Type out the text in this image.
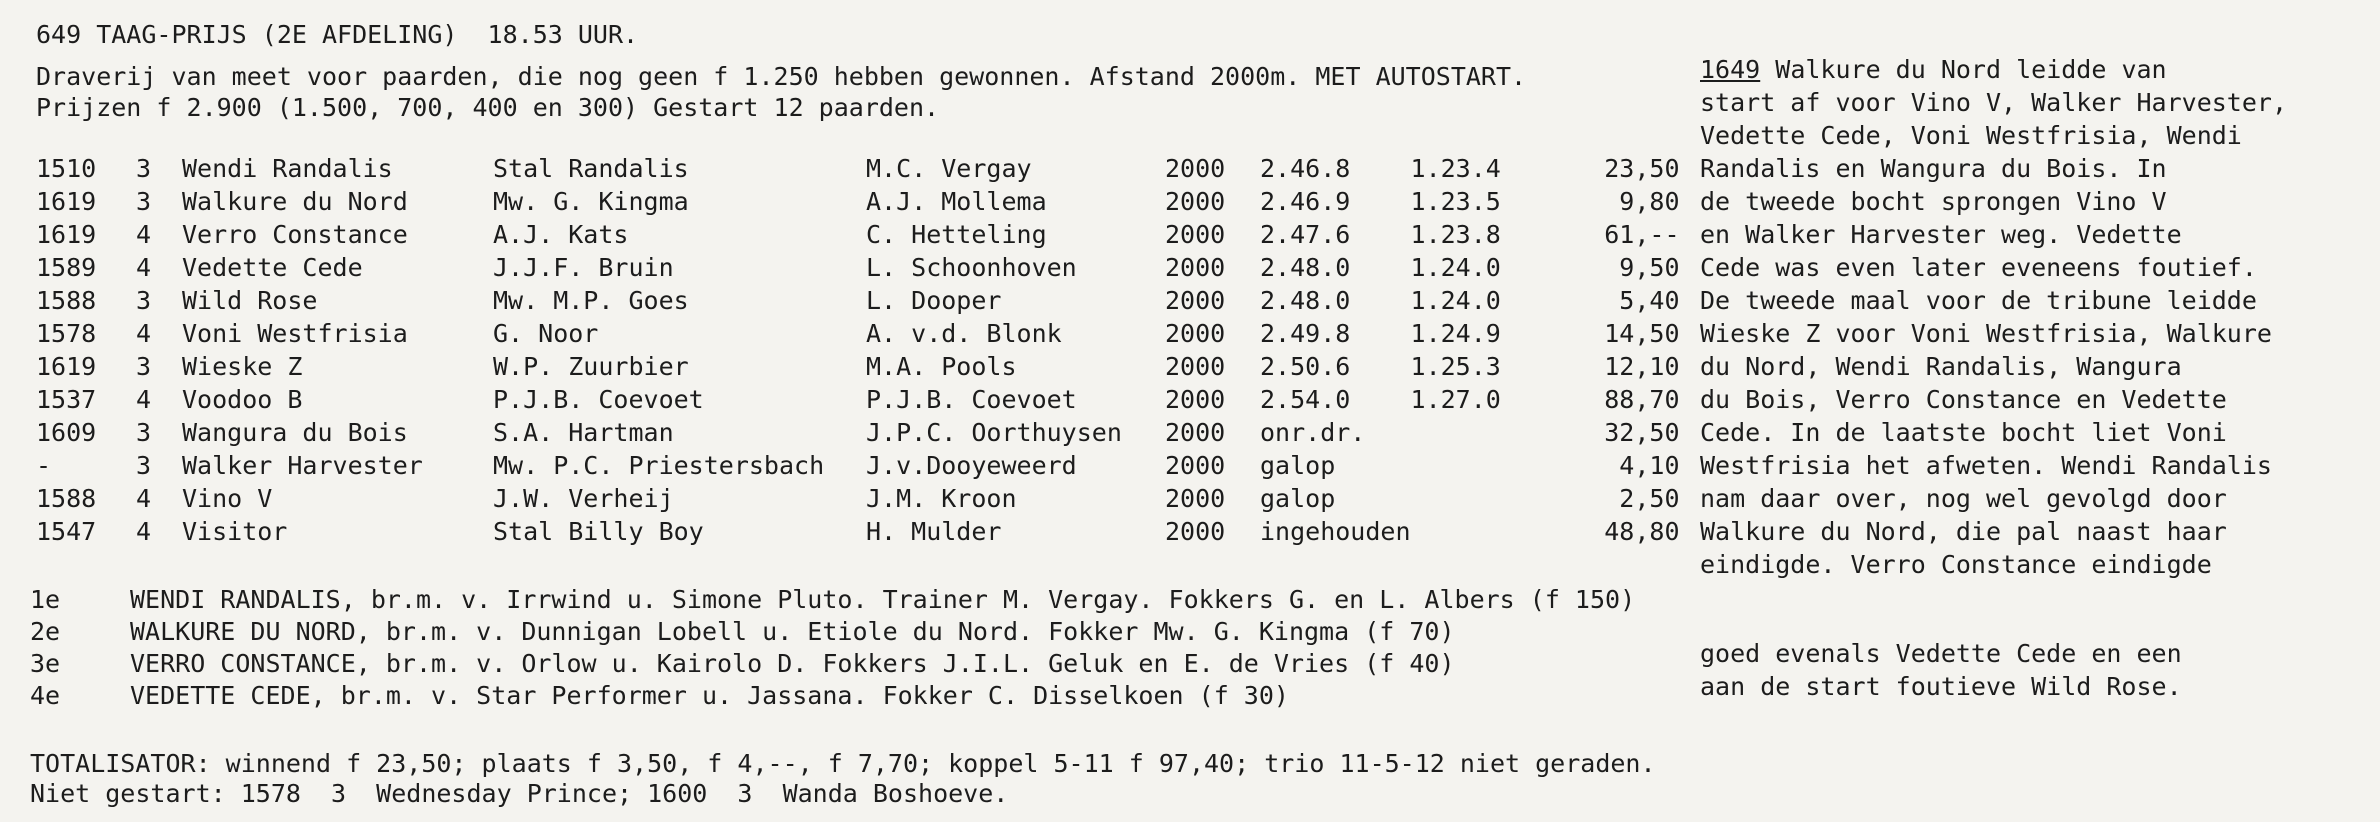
649 TAAG-PRIJS (2E AFDELING)  18.53 UUR.
Draverij van meet voor paarden, die nog geen f 1.250 hebben gewonnen. Afstand 2000m. MET AUTOSTART.
Prijzen f 2.900 (1.500, 700, 400 en 300) Gestart 12 paarden.
1510	3	Wendi Randalis	Stal Randalis	M.C. Vergay	2000	2.46.8	1.23.4	23,50
1619	3	Walkure du Nord	Mw. G. Kingma	A.J. Mollema	2000	2.46.9	1.23.5	9,80
1619	4	Verro Constance	A.J. Kats	C. Hetteling	2000	2.47.6	1.23.8	61,--
1589	4	Vedette Cede	J.J.F. Bruin	L. Schoonhoven	2000	2.48.0	1.24.0	9,50
1588	3	Wild Rose	Mw. M.P. Goes	L. Dooper	2000	2.48.0	1.24.0	5,40
1578	4	Voni Westfrisia	G. Noor	A. v.d. Blonk	2000	2.49.8	1.24.9	14,50
1619	3	Wieske Z	W.P. Zuurbier	M.A. Pools	2000	2.50.6	1.25.3	12,10
1537	4	Voodoo B	P.J.B. Coevoet	P.J.B. Coevoet	2000	2.54.0	1.27.0	88,70
1609	3	Wangura du Bois	S.A. Hartman	J.P.C. Oorthuysen	2000	onr.dr.		32,50
-	3	Walker Harvester	Mw. P.C. Priestersbach	J.v.Dooyeweerd	2000	galop		4,10
1588	4	Vino V	J.W. Verheij	J.M. Kroon	2000	galop		2,50
1547	4	Visitor	Stal Billy Boy	H. Mulder	2000	ingehouden		48,80
1e	WENDI RANDALIS, br.m. v. Irrwind u. Simone Pluto. Trainer M. Vergay. Fokkers G. en L. Albers (f 150)
2e	WALKURE DU NORD, br.m. v. Dunnigan Lobell u. Etiole du Nord. Fokker Mw. G. Kingma (f 70)
3e	VERRO CONSTANCE, br.m. v. Orlow u. Kairolo D. Fokkers J.I.L. Geluk en E. de Vries (f 40)
4e	VEDETTE CEDE, br.m. v. Star Performer u. Jassana. Fokker C. Disselkoen (f 30)
TOTALISATOR: winnend f 23,50; plaats f 3,50, f 4,--, f 7,70; koppel 5-11 f 97,40; trio 11-5-12 niet geraden.
Niet gestart: 1578  3  Wednesday Prince; 1600  3  Wanda Boshoeve.
1649 Walkure du Nord leidde van
start af voor Vino V, Walker Harvester,
Vedette Cede, Voni Westfrisia, Wendi
Randalis en Wangura du Bois. In
de tweede bocht sprongen Vino V
en Walker Harvester weg. Vedette
Cede was even later eveneens foutief.
De tweede maal voor de tribune leidde
Wieske Z voor Voni Westfrisia, Walkure
du Nord, Wendi Randalis, Wangura
du Bois, Verro Constance en Vedette
Cede. In de laatste bocht liet Voni
Westfrisia het afweten. Wendi Randalis
nam daar over, nog wel gevolgd door
Walkure du Nord, die pal naast haar
eindigde. Verro Constance eindigde
goed evenals Vedette Cede en een
aan de start foutieve Wild Rose.
